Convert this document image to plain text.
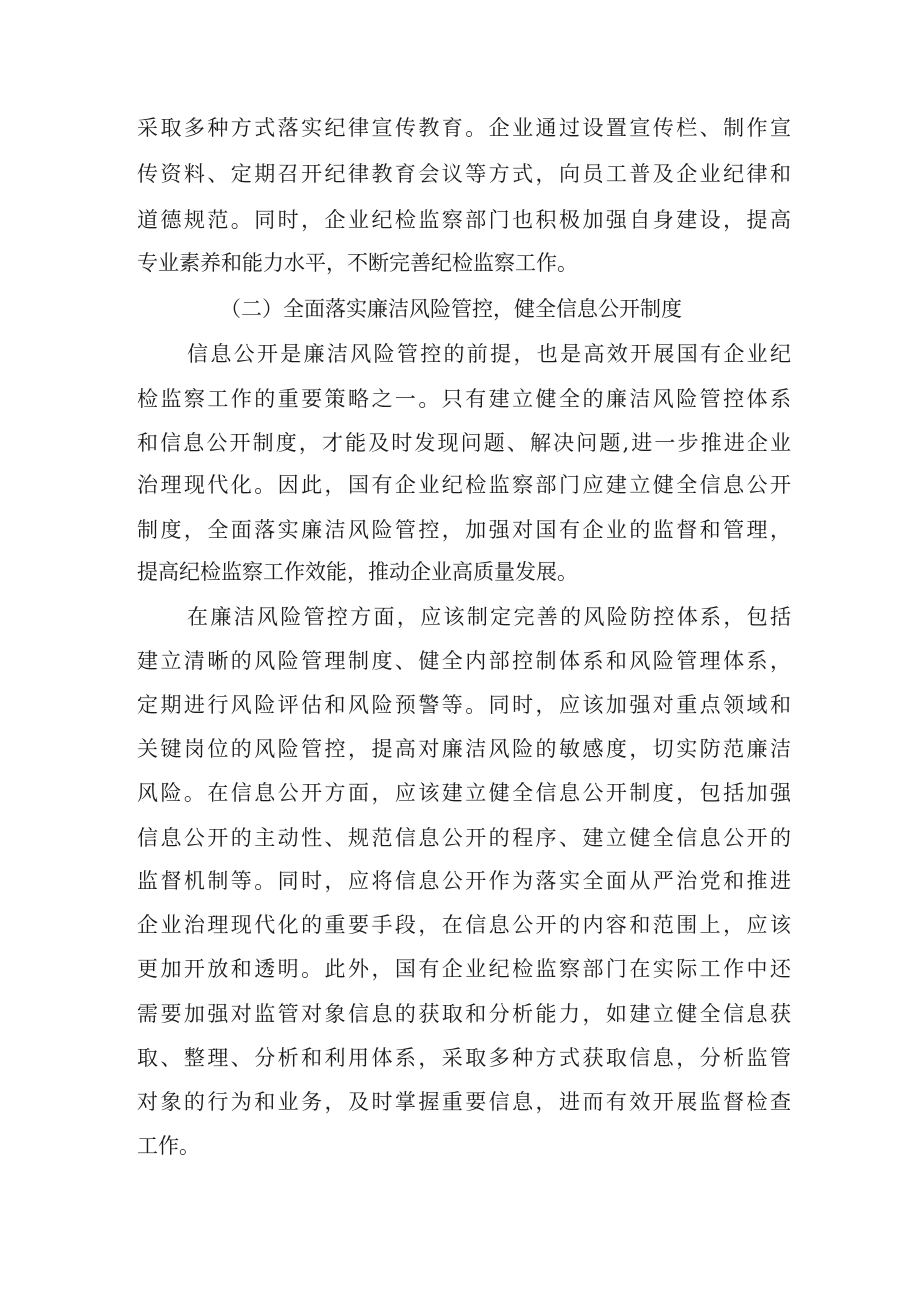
采取多种方式落实纪律宣传教育。企业通过设置宣传栏、制作宣

传资料、定期召开纪律教育会议等方式，向员工普及企业纪律和

道德规范。同时，企业纪检监察部门也积极加强自身建设，提高

专业素养和能力水平，不断完善纪检监察工作。

（二）全面落实廉洁风险管控，健全信息公开制度

信息公开是廉洁风险管控的前提，也是高效开展国有企业纪

检监察工作的重要策略之一。只有建立健全的廉洁风险管控体系

和信息公开制度，才能及时发现问题、解决问题,进一步推进企业

治理现代化。因此，国有企业纪检监察部门应建立健全信息公开

制度，全面落实廉洁风险管控，加强对国有企业的监督和管理，

提高纪检监察工作效能，推动企业高质量发展。

在廉洁风险管控方面，应该制定完善的风险防控体系，包括

建立清晰的风险管理制度、健全内部控制体系和风险管理体系，

定期进行风险评估和风险预警等。同时，应该加强对重点领域和

关键岗位的风险管控，提高对廉洁风险的敏感度，切实防范廉洁

风险。在信息公开方面，应该建立健全信息公开制度，包括加强

信息公开的主动性、规范信息公开的程序、建立健全信息公开的

监督机制等。同时，应将信息公开作为落实全面从严治党和推进

企业治理现代化的重要手段，在信息公开的内容和范围上，应该

更加开放和透明。此外，国有企业纪检监察部门在实际工作中还

需要加强对监管对象信息的获取和分析能力，如建立健全信息获

取、整理、分析和利用体系，采取多种方式获取信息，分析监管

对象的行为和业务，及时掌握重要信息，进而有效开展监督检查

工作。
